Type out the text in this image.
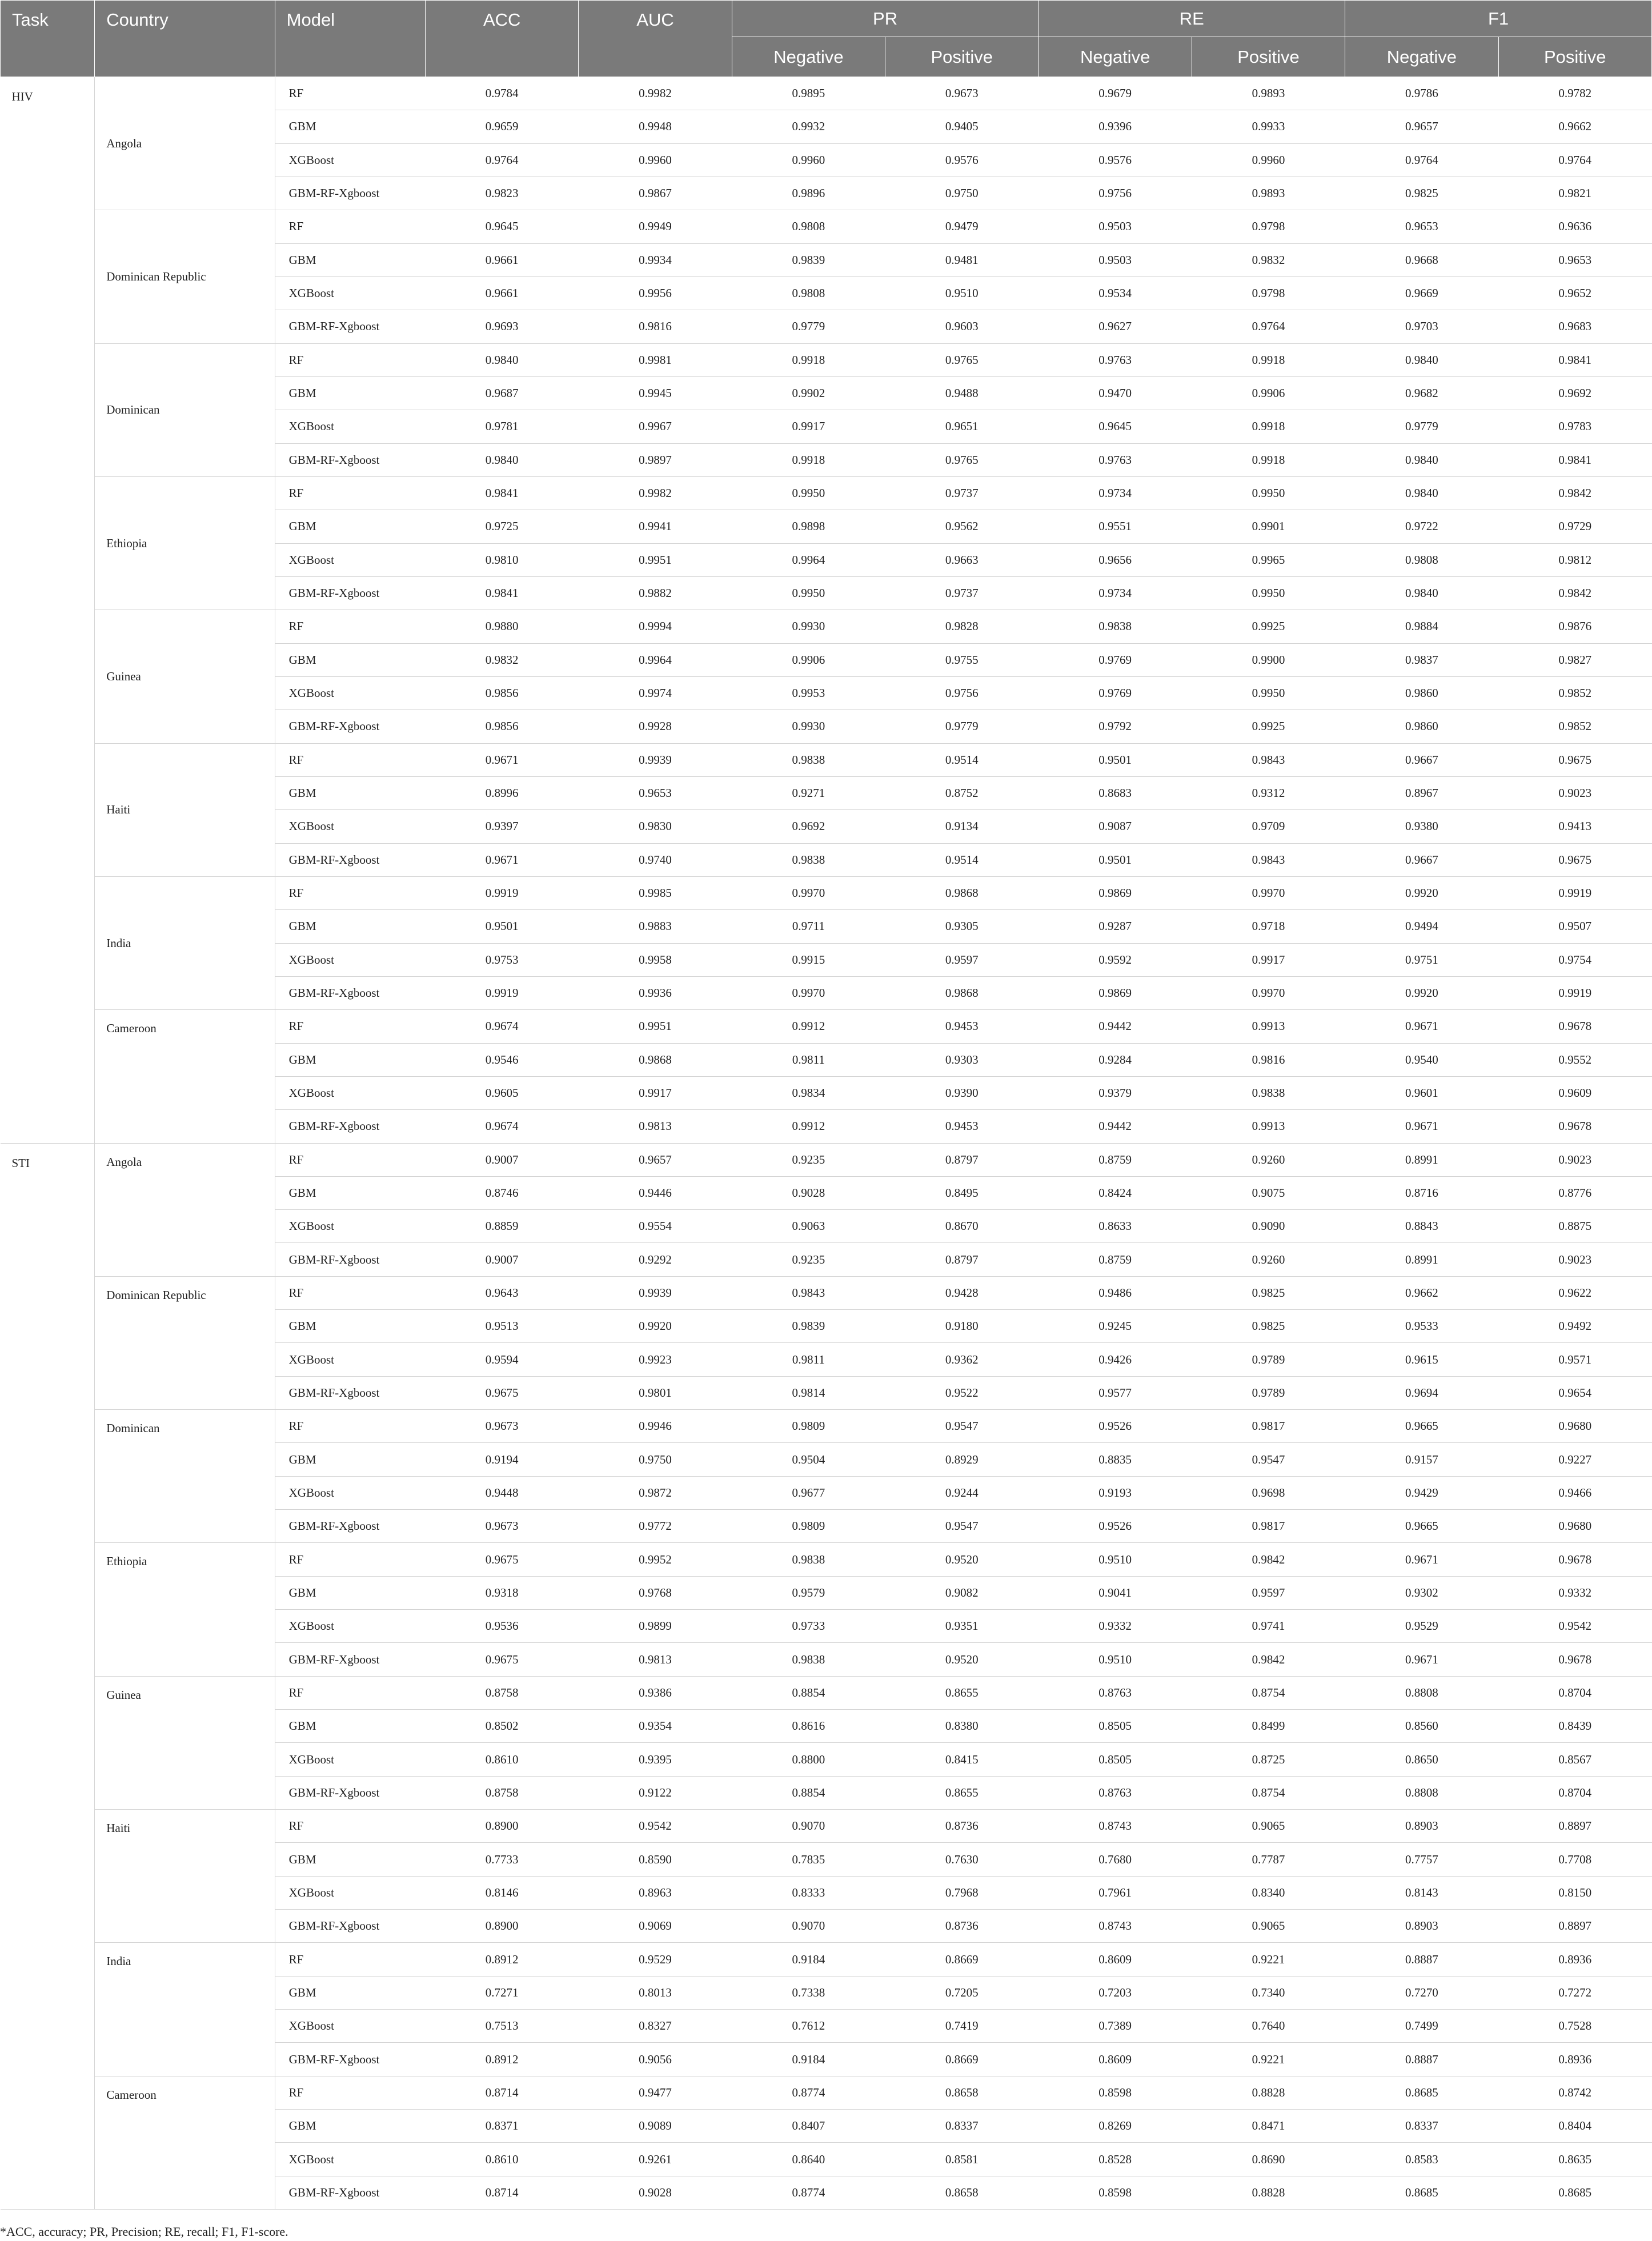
Task	Country	Model	ACC	AUC	PR		RE		F1	
					Negative	Positive	Negative	Positive	Negative	Positive
HIV	Angola	RF	0.9784	0.9982	0.9895	0.9673	0.9679	0.9893	0.9786	0.9782
		GBM	0.9659	0.9948	0.9932	0.9405	0.9396	0.9933	0.9657	0.9662
		XGBoost	0.9764	0.9960	0.9960	0.9576	0.9576	0.9960	0.9764	0.9764
		GBM-RF-Xgboost	0.9823	0.9867	0.9896	0.9750	0.9756	0.9893	0.9825	0.9821
	Dominican Republic	RF	0.9645	0.9949	0.9808	0.9479	0.9503	0.9798	0.9653	0.9636
		GBM	0.9661	0.9934	0.9839	0.9481	0.9503	0.9832	0.9668	0.9653
		XGBoost	0.9661	0.9956	0.9808	0.9510	0.9534	0.9798	0.9669	0.9652
		GBM-RF-Xgboost	0.9693	0.9816	0.9779	0.9603	0.9627	0.9764	0.9703	0.9683
	Dominican	RF	0.9840	0.9981	0.9918	0.9765	0.9763	0.9918	0.9840	0.9841
		GBM	0.9687	0.9945	0.9902	0.9488	0.9470	0.9906	0.9682	0.9692
		XGBoost	0.9781	0.9967	0.9917	0.9651	0.9645	0.9918	0.9779	0.9783
		GBM-RF-Xgboost	0.9840	0.9897	0.9918	0.9765	0.9763	0.9918	0.9840	0.9841
	Ethiopia	RF	0.9841	0.9982	0.9950	0.9737	0.9734	0.9950	0.9840	0.9842
		GBM	0.9725	0.9941	0.9898	0.9562	0.9551	0.9901	0.9722	0.9729
		XGBoost	0.9810	0.9951	0.9964	0.9663	0.9656	0.9965	0.9808	0.9812
		GBM-RF-Xgboost	0.9841	0.9882	0.9950	0.9737	0.9734	0.9950	0.9840	0.9842
	Guinea	RF	0.9880	0.9994	0.9930	0.9828	0.9838	0.9925	0.9884	0.9876
		GBM	0.9832	0.9964	0.9906	0.9755	0.9769	0.9900	0.9837	0.9827
		XGBoost	0.9856	0.9974	0.9953	0.9756	0.9769	0.9950	0.9860	0.9852
		GBM-RF-Xgboost	0.9856	0.9928	0.9930	0.9779	0.9792	0.9925	0.9860	0.9852
	Haiti	RF	0.9671	0.9939	0.9838	0.9514	0.9501	0.9843	0.9667	0.9675
		GBM	0.8996	0.9653	0.9271	0.8752	0.8683	0.9312	0.8967	0.9023
		XGBoost	0.9397	0.9830	0.9692	0.9134	0.9087	0.9709	0.9380	0.9413
		GBM-RF-Xgboost	0.9671	0.9740	0.9838	0.9514	0.9501	0.9843	0.9667	0.9675
	India	RF	0.9919	0.9985	0.9970	0.9868	0.9869	0.9970	0.9920	0.9919
		GBM	0.9501	0.9883	0.9711	0.9305	0.9287	0.9718	0.9494	0.9507
		XGBoost	0.9753	0.9958	0.9915	0.9597	0.9592	0.9917	0.9751	0.9754
		GBM-RF-Xgboost	0.9919	0.9936	0.9970	0.9868	0.9869	0.9970	0.9920	0.9919
	Cameroon	RF	0.9674	0.9951	0.9912	0.9453	0.9442	0.9913	0.9671	0.9678
		GBM	0.9546	0.9868	0.9811	0.9303	0.9284	0.9816	0.9540	0.9552
		XGBoost	0.9605	0.9917	0.9834	0.9390	0.9379	0.9838	0.9601	0.9609
		GBM-RF-Xgboost	0.9674	0.9813	0.9912	0.9453	0.9442	0.9913	0.9671	0.9678
STI	Angola	RF	0.9007	0.9657	0.9235	0.8797	0.8759	0.9260	0.8991	0.9023
		GBM	0.8746	0.9446	0.9028	0.8495	0.8424	0.9075	0.8716	0.8776
		XGBoost	0.8859	0.9554	0.9063	0.8670	0.8633	0.9090	0.8843	0.8875
		GBM-RF-Xgboost	0.9007	0.9292	0.9235	0.8797	0.8759	0.9260	0.8991	0.9023
	Dominican Republic	RF	0.9643	0.9939	0.9843	0.9428	0.9486	0.9825	0.9662	0.9622
		GBM	0.9513	0.9920	0.9839	0.9180	0.9245	0.9825	0.9533	0.9492
		XGBoost	0.9594	0.9923	0.9811	0.9362	0.9426	0.9789	0.9615	0.9571
		GBM-RF-Xgboost	0.9675	0.9801	0.9814	0.9522	0.9577	0.9789	0.9694	0.9654
	Dominican	RF	0.9673	0.9946	0.9809	0.9547	0.9526	0.9817	0.9665	0.9680
		GBM	0.9194	0.9750	0.9504	0.8929	0.8835	0.9547	0.9157	0.9227
		XGBoost	0.9448	0.9872	0.9677	0.9244	0.9193	0.9698	0.9429	0.9466
		GBM-RF-Xgboost	0.9673	0.9772	0.9809	0.9547	0.9526	0.9817	0.9665	0.9680
	Ethiopia	RF	0.9675	0.9952	0.9838	0.9520	0.9510	0.9842	0.9671	0.9678
		GBM	0.9318	0.9768	0.9579	0.9082	0.9041	0.9597	0.9302	0.9332
		XGBoost	0.9536	0.9899	0.9733	0.9351	0.9332	0.9741	0.9529	0.9542
		GBM-RF-Xgboost	0.9675	0.9813	0.9838	0.9520	0.9510	0.9842	0.9671	0.9678
	Guinea	RF	0.8758	0.9386	0.8854	0.8655	0.8763	0.8754	0.8808	0.8704
		GBM	0.8502	0.9354	0.8616	0.8380	0.8505	0.8499	0.8560	0.8439
		XGBoost	0.8610	0.9395	0.8800	0.8415	0.8505	0.8725	0.8650	0.8567
		GBM-RF-Xgboost	0.8758	0.9122	0.8854	0.8655	0.8763	0.8754	0.8808	0.8704
	Haiti	RF	0.8900	0.9542	0.9070	0.8736	0.8743	0.9065	0.8903	0.8897
		GBM	0.7733	0.8590	0.7835	0.7630	0.7680	0.7787	0.7757	0.7708
		XGBoost	0.8146	0.8963	0.8333	0.7968	0.7961	0.8340	0.8143	0.8150
		GBM-RF-Xgboost	0.8900	0.9069	0.9070	0.8736	0.8743	0.9065	0.8903	0.8897
	India	RF	0.8912	0.9529	0.9184	0.8669	0.8609	0.9221	0.8887	0.8936
		GBM	0.7271	0.8013	0.7338	0.7205	0.7203	0.7340	0.7270	0.7272
		XGBoost	0.7513	0.8327	0.7612	0.7419	0.7389	0.7640	0.7499	0.7528
		GBM-RF-Xgboost	0.8912	0.9056	0.9184	0.8669	0.8609	0.9221	0.8887	0.8936
	Cameroon	RF	0.8714	0.9477	0.8774	0.8658	0.8598	0.8828	0.8685	0.8742
		GBM	0.8371	0.9089	0.8407	0.8337	0.8269	0.8471	0.8337	0.8404
		XGBoost	0.8610	0.9261	0.8640	0.8581	0.8528	0.8690	0.8583	0.8635
		GBM-RF-Xgboost	0.8714	0.9028	0.8774	0.8658	0.8598	0.8828	0.8685	0.8685
*ACC, accuracy; PR, Precision; RE, recall; F1, F1-score.
